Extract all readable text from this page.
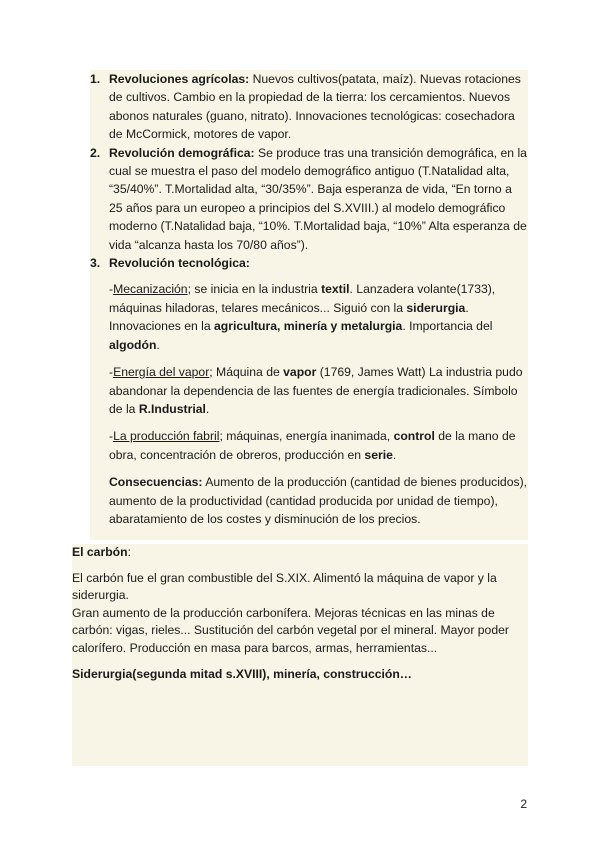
1. Revoluciones agrícolas: Nuevos cultivos(patata, maíz). Nuevas rotaciones de cultivos. Cambio en la propiedad de la tierra: los cercamientos. Nuevos abonos naturales (guano, nitrato). Innovaciones tecnológicas: cosechadora de McCormick, motores de vapor.
2. Revolución demográfica: Se produce tras una transición demográfica, en la cual se muestra el paso del modelo demográfico antiguo (T.Natalidad alta, “35/40%”. T.Mortalidad alta, “30/35%”. Baja esperanza de vida, “En torno a 25 años para un europeo a principios del S.XVIII.) al modelo demográfico moderno (T.Natalidad baja, “10%. T.Mortalidad baja, “10%” Alta esperanza de vida “alcanza hasta los 70/80 años”).
3. Revolución tecnológica:

-Mecanización; se inicia en la industria textil. Lanzadera volante(1733), máquinas hiladoras, telares mecánicos... Siguió con la siderurgia. Innovaciones en la agricultura, minería y metalurgia. Importancia del algodón.

-Energía del vapor; Máquina de vapor (1769, James Watt) La industria pudo abandonar la dependencia de las fuentes de energía tradicionales. Símbolo de la R.Industrial.

-La producción fabril; máquinas, energía inanimada, control de la mano de obra, concentración de obreros, producción en serie.

Consecuencias: Aumento de la producción (cantidad de bienes producidos), aumento de la productividad (cantidad producida por unidad de tiempo), abaratamiento de los costes y disminución de los precios.

El carbón:

El carbón fue el gran combustible del S.XIX. Alimentó la máquina de vapor y la siderurgia.

Gran aumento de la producción carbonífera. Mejoras técnicas en las minas de carbón: vigas, rieles... Sustitución del carbón vegetal por el mineral. Mayor poder calorífero. Producción en masa para barcos, armas, herramientas...

Siderurgia(segunda mitad s.XVIII), minería, construcción…

2
